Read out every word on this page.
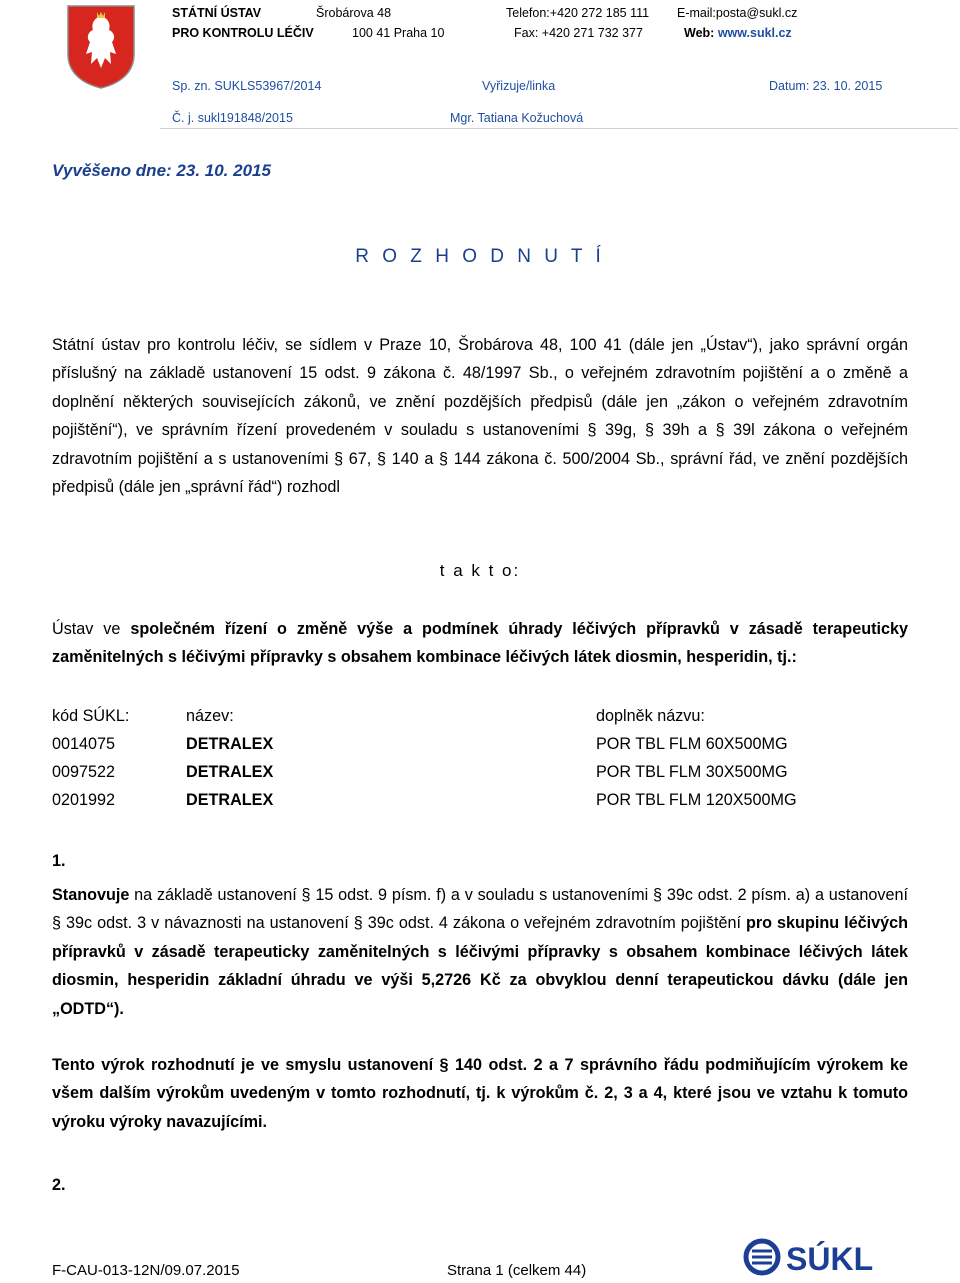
STÁTNÍ ÚSTAV
PRO KONTROLU LÉČIV
Šrobárova 48
100 41 Praha 10
Telefon:+420 272 185 111
Fax: +420 271 732 377
E-mail:posta@sukl.cz
Web: www.sukl.cz
Sp. zn. SUKLS53967/2014	Vyřizuje/linka	Datum: 23. 10. 2015
Č. j. sukl191848/2015	Mgr. Tatiana Kožuchová
Vyvěšeno dne: 23. 10. 2015
R O Z H O D N U T Í
Státní ústav pro kontrolu léčiv, se sídlem v Praze 10, Šrobárova 48, 100 41 (dále jen „Ústav“), jako správní orgán příslušný na základě ustanovení 15 odst. 9 zákona č. 48/1997 Sb., o veřejném zdravotním pojištění a o změně a doplnění některých souvisejících zákonů, ve znění pozdějších předpisů (dále jen „zákon o veřejném zdravotním pojištění“), ve správním řízení provedeném v souladu s ustanoveními § 39g, § 39h a § 39l zákona o veřejném zdravotním pojištění a s ustanoveními § 67, § 140 a § 144 zákona č. 500/2004 Sb., správní řád, ve znění pozdějších předpisů (dále jen „správní řád“) rozhodl
t a k t o:
Ústav ve společném řízení o změně výše a podmínek úhrady léčivých přípravků v zásadě terapeuticky zaměnitelných s léčivými přípravky s obsahem kombinace léčivých látek diosmin, hesperidin, tj.:
kód SÚKL:	název:	doplněk názvu:
0014075	DETRALEX	POR TBL FLM 60X500MG
0097522	DETRALEX	POR TBL FLM 30X500MG
0201992	DETRALEX	POR TBL FLM 120X500MG
1.
Stanovuje na základě ustanovení § 15 odst. 9 písm. f) a v souladu s ustanoveními § 39c odst. 2 písm. a) a ustanovení § 39c odst. 3 v návaznosti na ustanovení § 39c odst. 4 zákona o veřejném zdravotním pojištění pro skupinu léčivých přípravků v zásadě terapeuticky zaměnitelných s léčivými přípravky s obsahem kombinace léčivých látek diosmin, hesperidin základní úhradu ve výši 5,2726 Kč za obvyklou denní terapeutickou dávku (dále jen „ODTD“).
Tento výrok rozhodnutí je ve smyslu ustanovení § 140 odst. 2 a 7 správního řádu podmiňujícím výrokem ke všem dalším výrokům uvedeným v tomto rozhodnutí, tj. k výrokům č. 2, 3 a 4, které jsou ve vztahu k tomuto výroku výroky navazujícími.
2.
F-CAU-013-12N/09.07.2015	Strana 1 (celkem 44)	SÚKL
